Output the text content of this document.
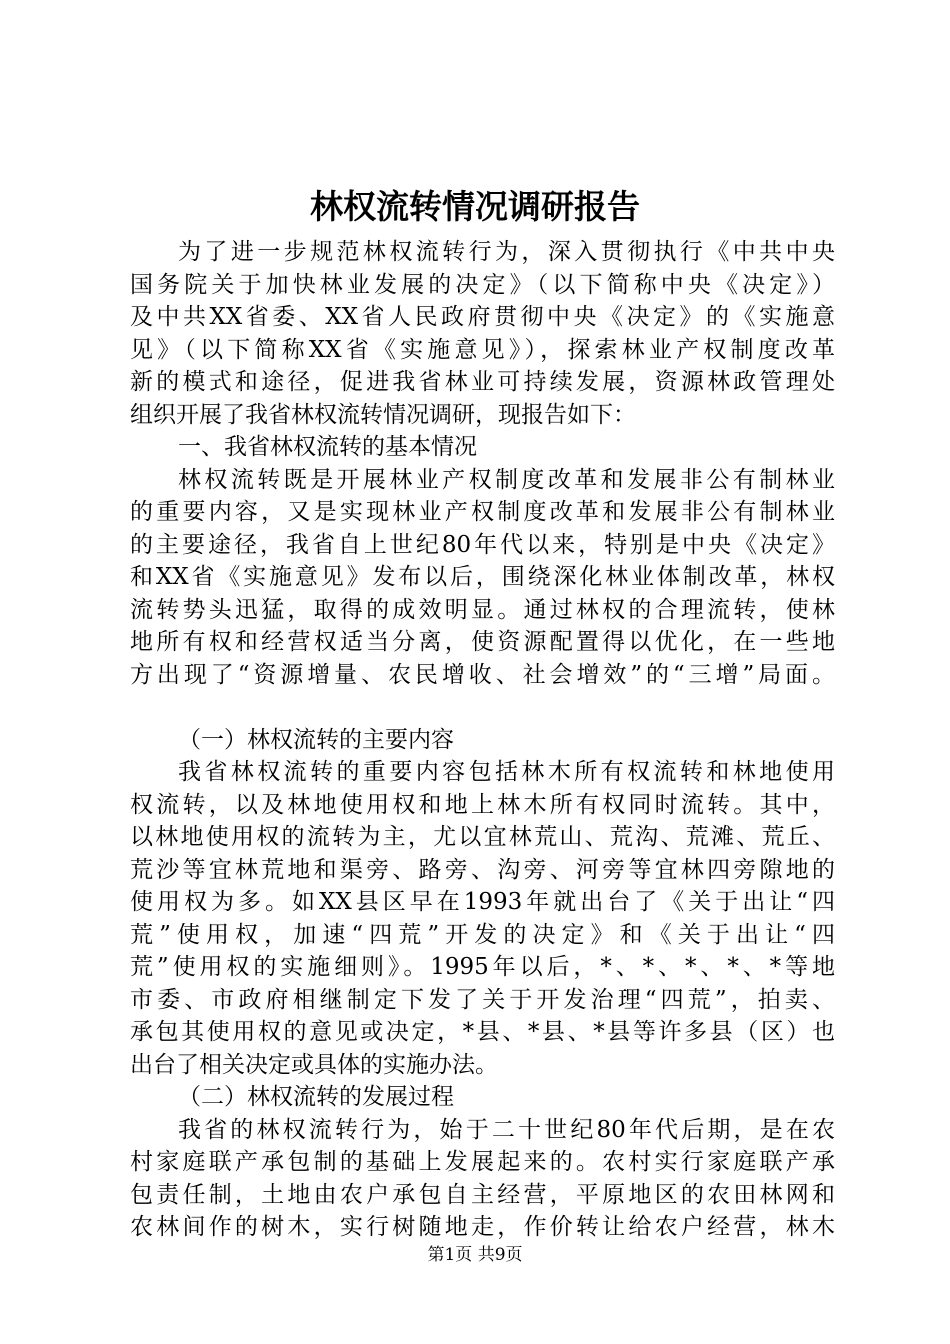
林权流转情况调研报告
为了进一步规范林权流转行为，深入贯彻执行《中共中央
国务院关于加快林业发展的决定》（以下简称中央《决定》）
及中共XX省委、XX省人民政府贯彻中央《决定》的《实施意
见》（以下简称XX省《实施意见》），探索林业产权制度改革
新的模式和途径，促进我省林业可持续发展，资源林政管理处
组织开展了我省林权流转情况调研，现报告如下：
一、我省林权流转的基本情况
林权流转既是开展林业产权制度改革和发展非公有制林业
的重要内容，又是实现林业产权制度改革和发展非公有制林业
的主要途径，我省自上世纪80年代以来，特别是中央《决定》
和XX省《实施意见》发布以后，围绕深化林业体制改革，林权
流转势头迅猛，取得的成效明显。通过林权的合理流转，使林
地所有权和经营权适当分离，使资源配置得以优化，在一些地
方出现了“资源增量、农民增收、社会增效”的“三增”局面。
（一）林权流转的主要内容
我省林权流转的重要内容包括林木所有权流转和林地使用
权流转，以及林地使用权和地上林木所有权同时流转。其中，
以林地使用权的流转为主，尤以宜林荒山、荒沟、荒滩、荒丘、
荒沙等宜林荒地和渠旁、路旁、沟旁、河旁等宜林四旁隙地的
使用权为多。如XX县区早在1993年就出台了《关于出让“四
荒”使用权，加速“四荒”开发的决定》和《关于出让“四
荒”使用权的实施细则》。1995年以后，*、*、*、*、*等地
市委、市政府相继制定下发了关于开发治理“四荒”，拍卖、
承包其使用权的意见或决定，*县、*县、*县等许多县（区）也
出台了相关决定或具体的实施办法。
（二）林权流转的发展过程
我省的林权流转行为，始于二十世纪80年代后期，是在农
村家庭联产承包制的基础上发展起来的。农村实行家庭联产承
包责任制，土地由农户承包自主经营，平原地区的农田林网和
农林间作的树木，实行树随地走，作价转让给农户经营，林木
第1页 共9页
